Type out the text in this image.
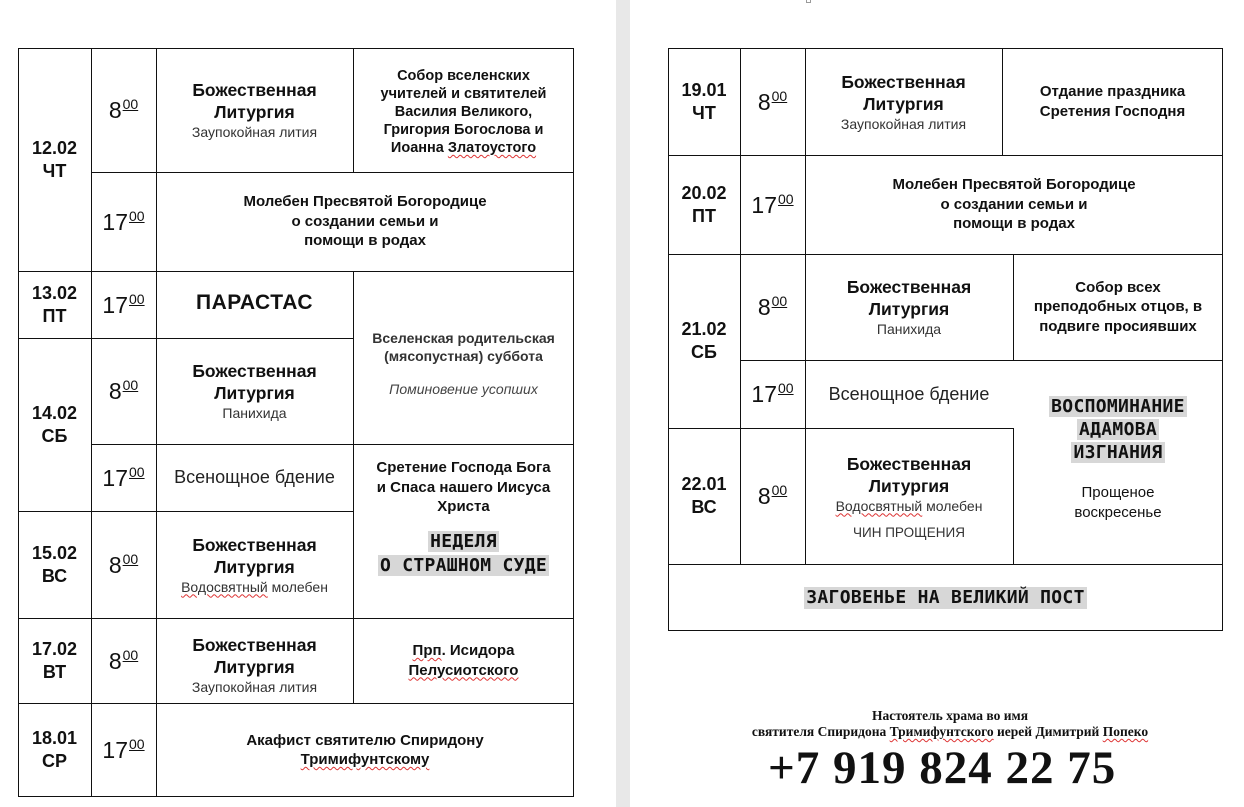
12.02
ЧТ
13.02
ПТ
14.02
СБ
15.02
ВС
17.02
ВТ
18.01
СР
$8^{00}$
$17^{00}$
$17^{00}$
$8^{00}$
$17^{00}$
$8^{00}$
$8^{00}$
$17^{00}$
Божественная
Литургия
Заупокойная лития
Собор вселенских
учителей и святителей
Василия Великого,
Григория Богослова и
Иоанна Златоустого
Молебен Пресвятой Богородице
о создании семьи и
помощи в родах
ПАРАСТАС
Вселенская родительская
(мясопустная) суббота
Поминовение усопших
Божественная
Литургия
Панихида
Всенощное бдение	Сретение Господа Бога
и Спаса нашего Иисуса
Христа
НЕДЕЛЯ
О СТРАШНОМ СУДЕ
Божественная
Литургия
Водосвятный молебен
Божественная
Литургия
Заупокойная лития
Прп. Исидора
Пелусиотского
Акафист святителю Спиридону
Тримифунтскому
19.01
ЧТ
20.02
ПТ
21.02
СБ
22.01
ВС
$8^{00}$
$17^{00}$
$8^{00}$
$17^{00}$
$8^{00}$
Божественная
Литургия
Заупокойная лития
Отдание праздника
Сретения Господня
Молебен Пресвятой Богородице
о создании семьи и
помощи в родах
Божественная
Литургия
Панихида
Собор всех
преподобных отцов, в
подвиге просиявших
Всенощное бдение
ВОСПОМИНАНИЕ
АДАМОВА
ИЗГНАНИЯ
Прощеное
воскресенье
Божественная
Литургия
Водосвятный молебен
ЧИН ПРОЩЕНИЯ
ЗАГОВЕНЬЕ НА ВЕЛИКИЙ ПОСТ
Настоятель храма во имя
святителя Спиридона Тримифунтского иерей Димитрий Попеко
+7 919 824 22 75
